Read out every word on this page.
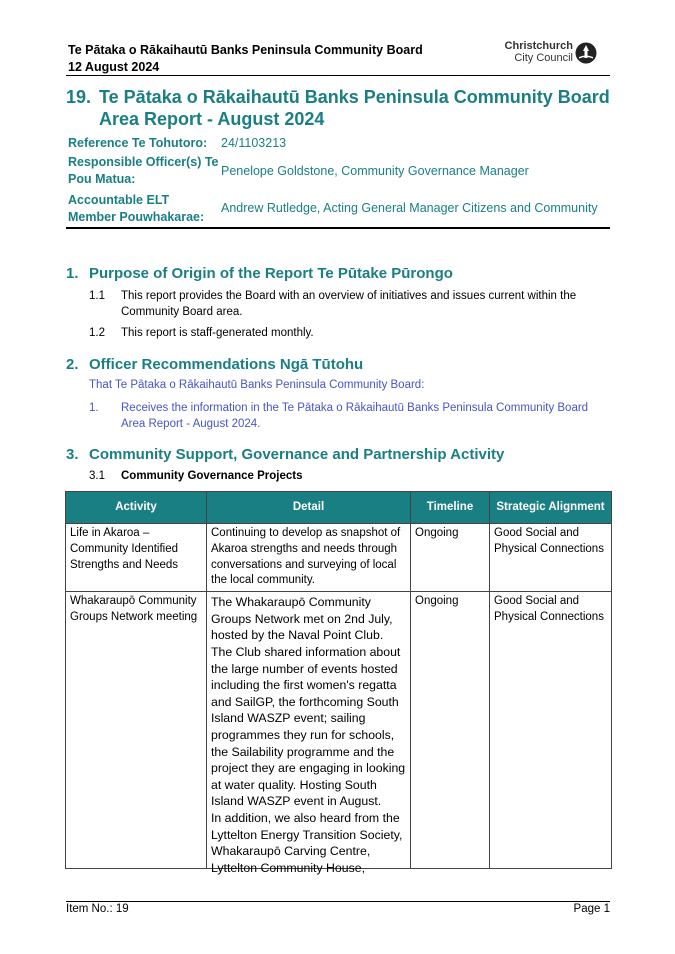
Te Pātaka o Rākaihautū Banks Peninsula Community Board
12 August 2024
Christchurch
City Council
19. Te Pātaka o Rākaihautū Banks Peninsula Community Board
Area Report - August 2024
Reference Te Tohutoro: 24/1103213
Responsible Officer(s) Te
Pou Matua:
Penelope Goldstone, Community Governance Manager
Accountable ELT
Member Pouwhakarae:
Andrew Rutledge, Acting General Manager Citizens and Community
1. Purpose of Origin of the Report Te Pūtake Pūrongo
1.1 This report provides the Board with an overview of initiatives and issues current within the
Community Board area.
1.2 This report is staff-generated monthly.
2. Officer Recommendations Ngā Tūtohu
That Te Pātaka o Rākaihautū Banks Peninsula Community Board:
1. Receives the information in the Te Pātaka o Rākaihautū Banks Peninsula Community Board
Area Report - August 2024.
3. Community Support, Governance and Partnership Activity
3.1 Community Governance Projects
Activity	Detail	Timeline	Strategic Alignment
Life in Akaroa – Community Identified Strengths and Needs	Continuing to develop as snapshot of Akaroa strengths and needs through conversations and surveying of local the local community.	Ongoing	Good Social and Physical Connections
Whakaraupō Community Groups Network meeting	The Whakaraupō Community Groups Network met on 2nd July, hosted by the Naval Point Club. The Club shared information about the large number of events hosted including the first women's regatta and SailGP, the forthcoming South Island WASZP event; sailing programmes they run for schools, the Sailability programme and the project they are engaging in looking at water quality. Hosting South Island WASZP event in August.
In addition, we also heard from the Lyttelton Energy Transition Society, Whakaraupō Carving Centre, Lyttelton Community House,	Ongoing	Good Social and Physical Connections
Item No.: 19	Page 1
